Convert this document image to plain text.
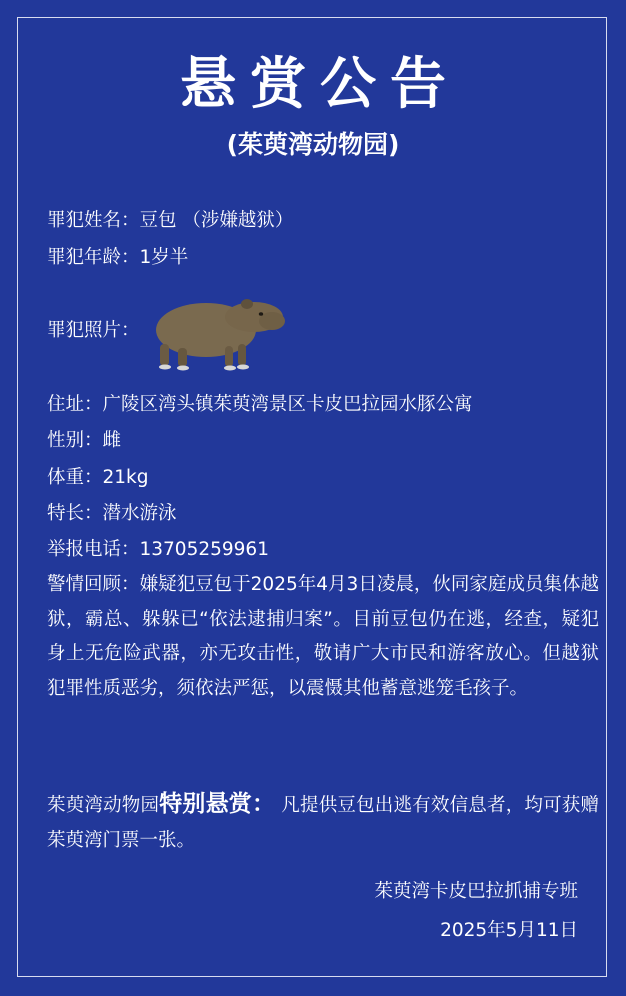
悬赏公告
(茱萸湾动物园)
罪犯姓名：豆包 （涉嫌越狱）
罪犯年龄：1岁半
罪犯照片：
住址：广陵区湾头镇茱萸湾景区卡皮巴拉园水豚公寓
性别：雌
体重：21kg
特长：潜水游泳
举报电话：13705259961
警情回顾：嫌疑犯豆包于2025年4月3日凌晨，伙同家庭成员集体越狱，霸总、躲躲已“依法逮捕归案”。目前豆包仍在逃，经查，疑犯身上无危险武器，亦无攻击性，敬请广大市民和游客放心。但越狱犯罪性质恶劣，须依法严惩，以震慑其他蓄意逃笼毛孩子。
茱萸湾动物园特别悬赏： 凡提供豆包出逃有效信息者，均可获赠茱萸湾门票一张。
茱萸湾卡皮巴拉抓捕专班
2025年5月11日
